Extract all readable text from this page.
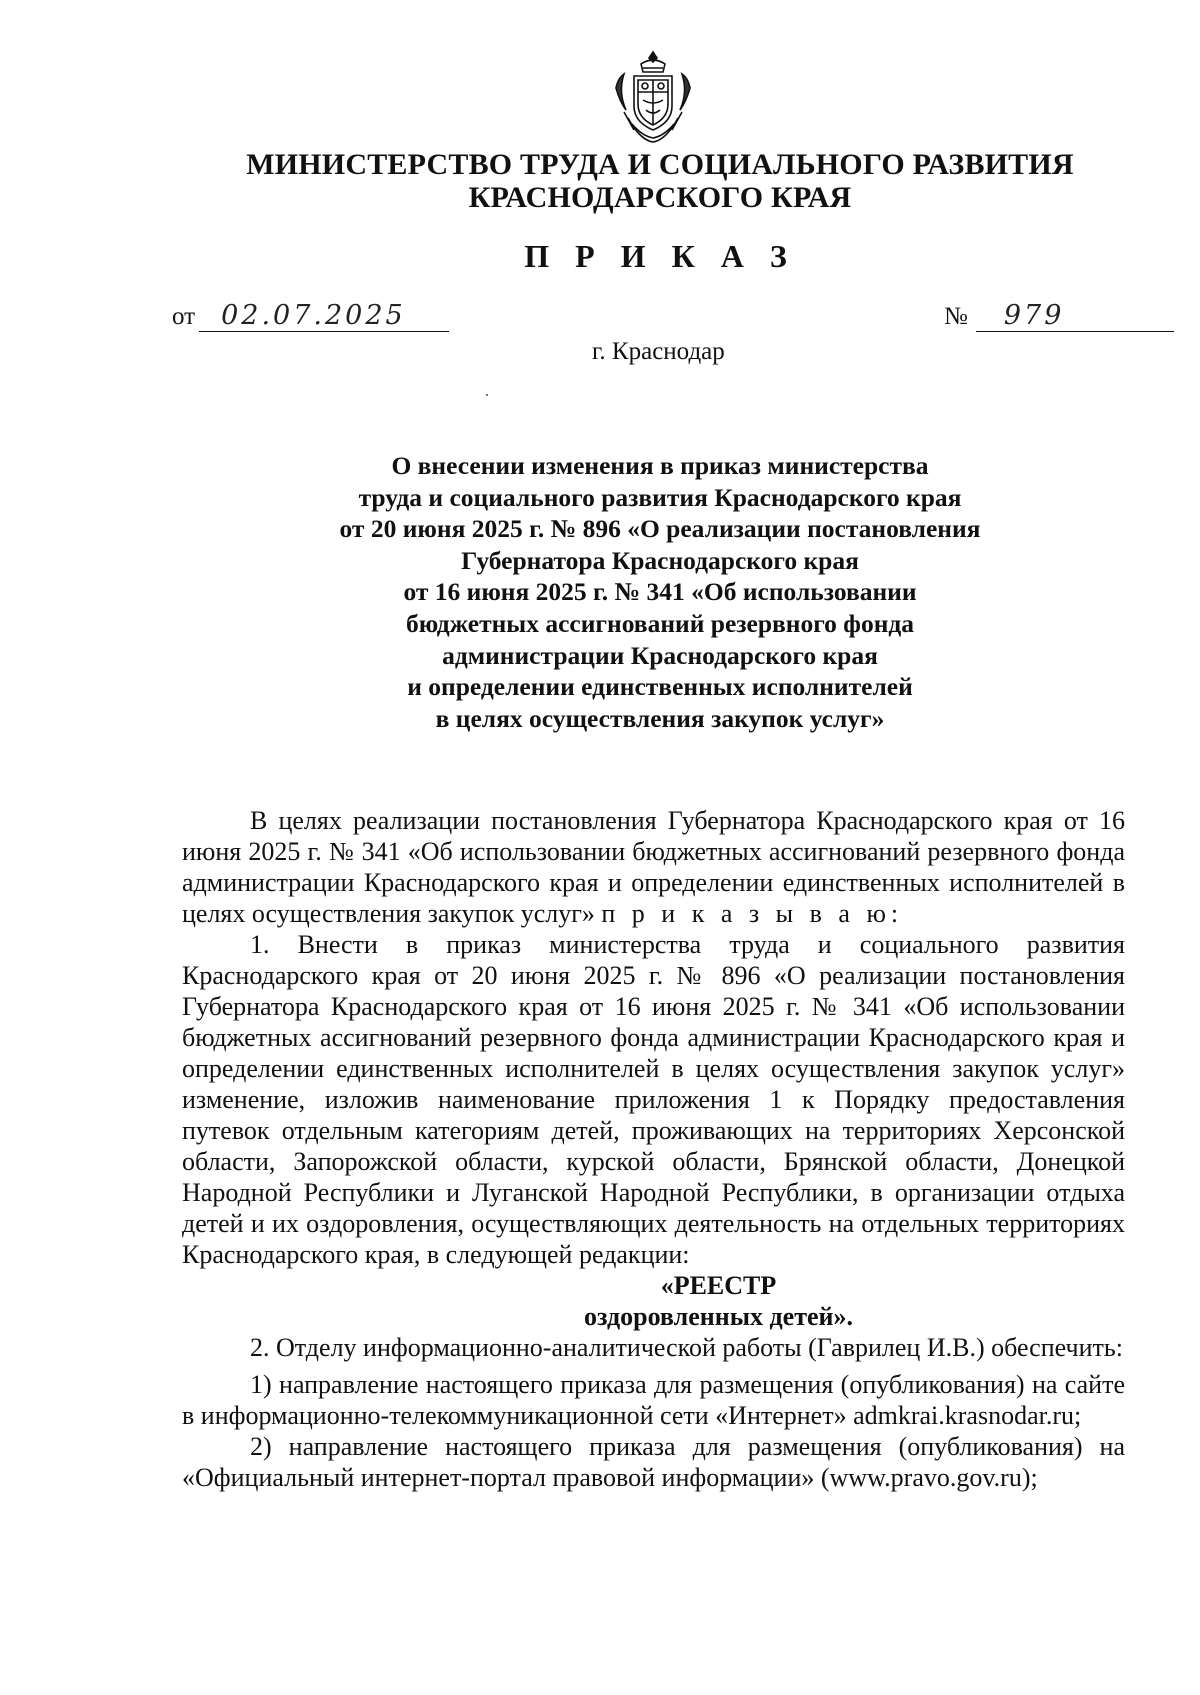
МИНИСТЕРСТВО ТРУДА И СОЦИАЛЬНОГО РАЗВИТИЯ
КРАСНОДАРСКОГО КРАЯ
П Р И К А З
от 02.07.2025	№ 979
г. Краснодар
О внесении изменения в приказ министерства
труда и социального развития Краснодарского края
от 20 июня 2025 г. № 896 «О реализации постановления
Губернатора Краснодарского края
от 16 июня 2025 г. № 341 «Об использовании
бюджетных ассигнований резервного фонда
администрации Краснодарского края
и определении единственных исполнителей
в целях осуществления закупок услуг»

В целях реализации постановления Губернатора Краснодарского края от 16 июня 2025 г. № 341 «Об использовании бюджетных ассигнований резервного фонда администрации Краснодарского края и определении единственных исполнителей в целях осуществления закупок услуг» п р и к а з ы в а ю:

1. Внести в приказ министерства труда и социального развития Краснодарского края от 20 июня 2025 г. № 896 «О реализации постановления Губернатора Краснодарского края от 16 июня 2025 г. № 341 «Об использовании бюджетных ассигнований резервного фонда администрации Краснодарского края и определении единственных исполнителей в целях осуществления закупок услуг» изменение, изложив наименование приложения 1 к Порядку предоставления путевок отдельным категориям детей, проживающих на территориях Херсонской области, Запорожской области, курской области, Брянской области, Донецкой Народной Республики и Луганской Народной Республики, в организации отдыха детей и их оздоровления, осуществляющих деятельность на отдельных территориях Краснодарского края, в следующей редакции:

«РЕЕСТР

оздоровленных детей».

2. Отделу информационно-аналитической работы (Гаврилец И.В.) обеспечить:

1) направление настоящего приказа для размещения (опубликования) на сайте в информационно-телекоммуникационной сети «Интернет» admkrai.krasnodar.ru;

2) направление настоящего приказа для размещения (опубликования) на «Официальный интернет-портал правовой информации» (www.pravo.gov.ru);
